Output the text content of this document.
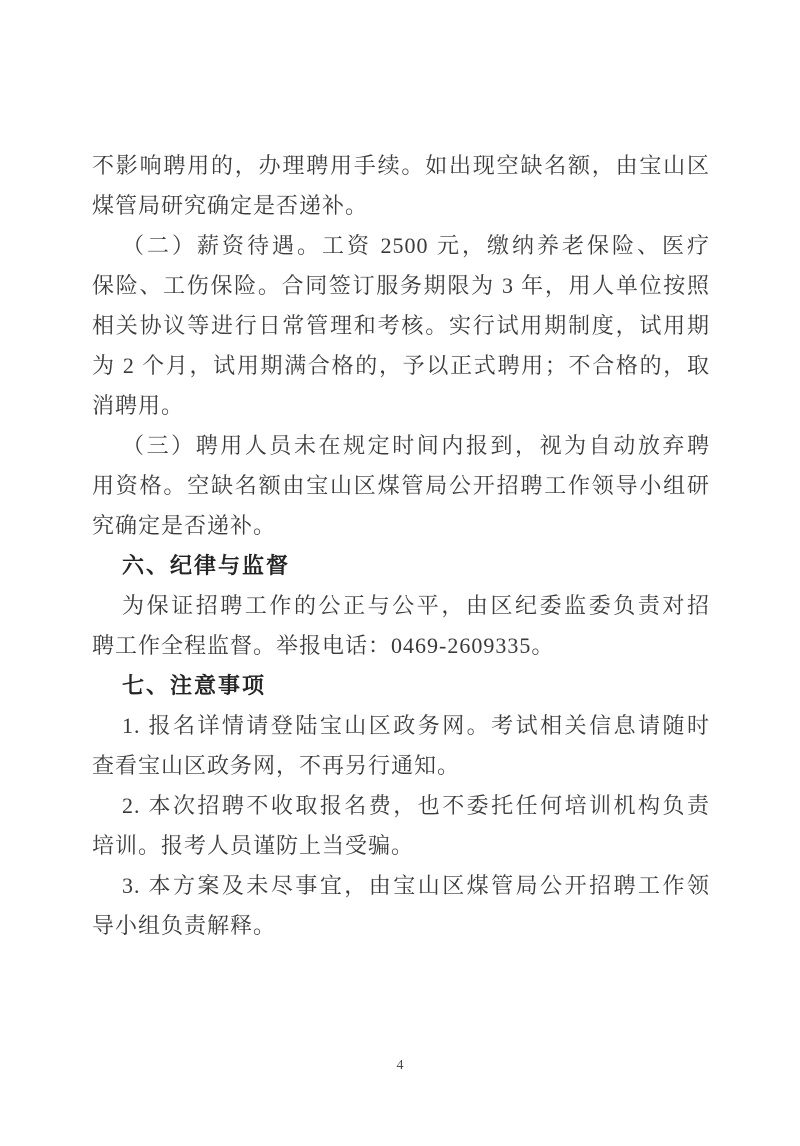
不影响聘用的，办理聘用手续。如出现空缺名额，由宝山区
煤管局研究确定是否递补。
（二）薪资待遇。工资 2500 元，缴纳养老保险、医疗
保险、工伤保险。合同签订服务期限为 3 年，用人单位按照
相关协议等进行日常管理和考核。实行试用期制度，试用期
为 2 个月，试用期满合格的，予以正式聘用；不合格的，取
消聘用。
（三）聘用人员未在规定时间内报到，视为自动放弃聘
用资格。空缺名额由宝山区煤管局公开招聘工作领导小组研
究确定是否递补。
六、纪律与监督
为保证招聘工作的公正与公平，由区纪委监委负责对招
聘工作全程监督。举报电话：0469-2609335。
七、注意事项
1. 报名详情请登陆宝山区政务网。考试相关信息请随时
查看宝山区政务网，不再另行通知。
2. 本次招聘不收取报名费，也不委托任何培训机构负责
培训。报考人员谨防上当受骗。
3. 本方案及未尽事宜，由宝山区煤管局公开招聘工作领
导小组负责解释。
4
